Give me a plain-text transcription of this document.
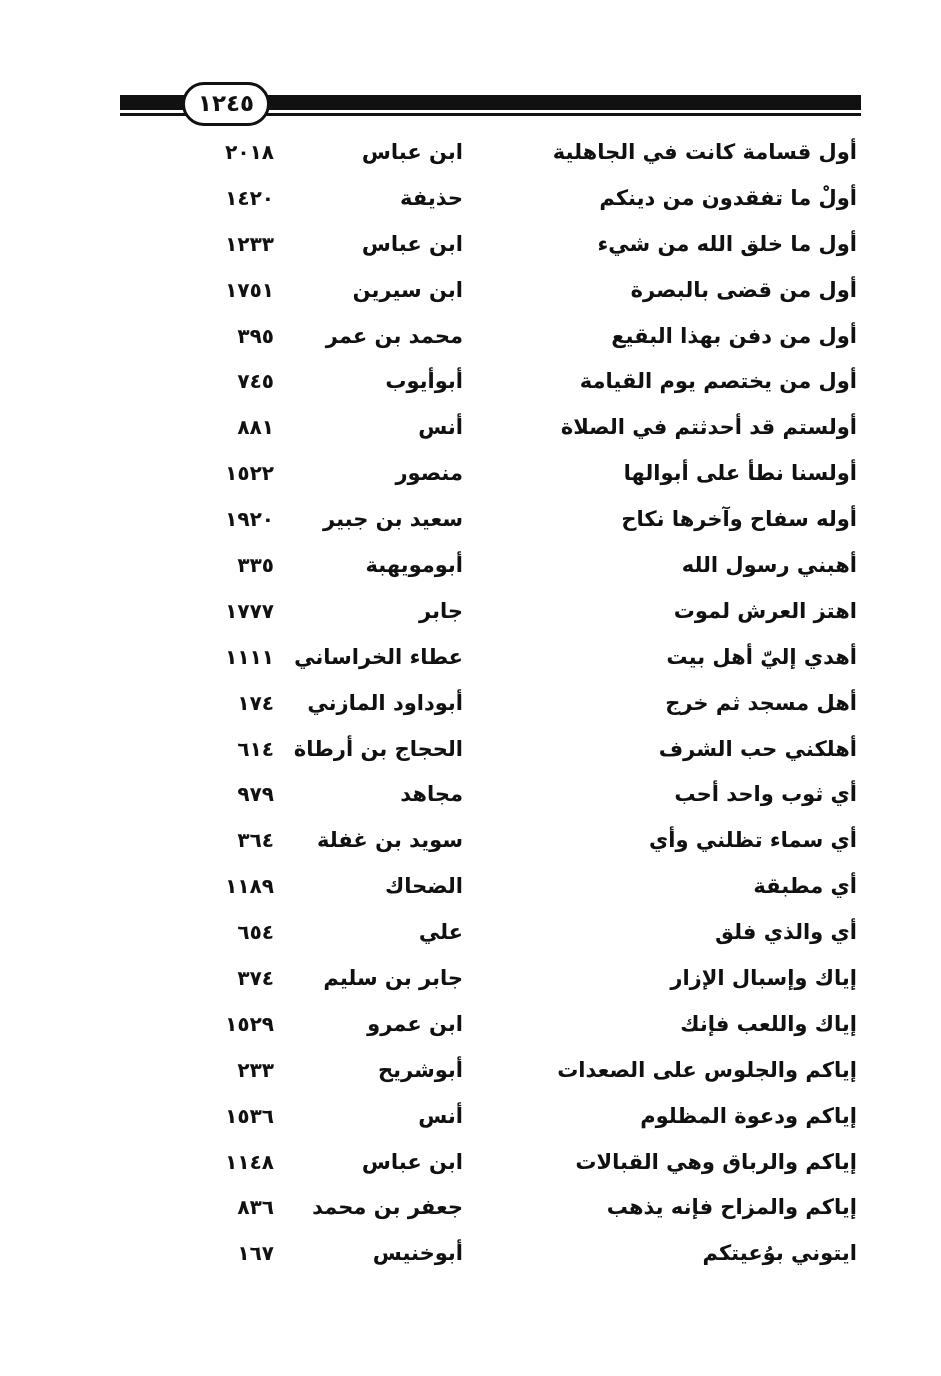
١٢٤٥
أول قسامة كانت في الجاهلية
ابن عباس
٢٠١٨
أولْ ما تفقدون من دينكم
حذيفة
١٤٢٠
أول ما خلق الله من شيء
ابن عباس
١٢٣٣
أول من قضى بالبصرة
ابن سيرين
١٧٥١
أول من دفن بهذا البقيع
محمد بن عمر
٣٩٥
أول من يختصم يوم القيامة
أبوأيوب
٧٤٥
أولستم قد أحدثتم في الصلاة
أنس
٨٨١
أولسنا نطأ على أبوالها
منصور
١٥٢٢
أوله سفاح وآخرها نكاح
سعيد بن جبير
١٩٢٠
أهبني رسول الله
أبومويهبة
٣٣٥
اهتز العرش لموت
جابر
١٧٧٧
أهدي إليّ أهل بيت
عطاء الخراساني
١١١١
أهل مسجد ثم خرج
أبوداود المازني
١٧٤
أهلكني حب الشرف
الحجاج بن أرطاة
٦١٤
أي ثوب واحد أحب
مجاهد
٩٧٩
أي سماء تظلني وأي
سويد بن غفلة
٣٦٤
أي مطبقة
الضحاك
١١٨٩
أي والذي فلق
علي
٦٥٤
إياك وإسبال الإزار
جابر بن سليم
٣٧٤
إياك واللعب فإنك
ابن عمرو
١٥٢٩
إياكم والجلوس على الصعدات
أبوشريح
٢٣٣
إياكم ودعوة المظلوم
أنس
١٥٣٦
إياكم والرباق وهي القبالات
ابن عباس
١١٤٨
إياكم والمزاح فإنه يذهب
جعفر بن محمد
٨٣٦
ايتوني بوُعيتكم
أبوخنيس
١٦٧
